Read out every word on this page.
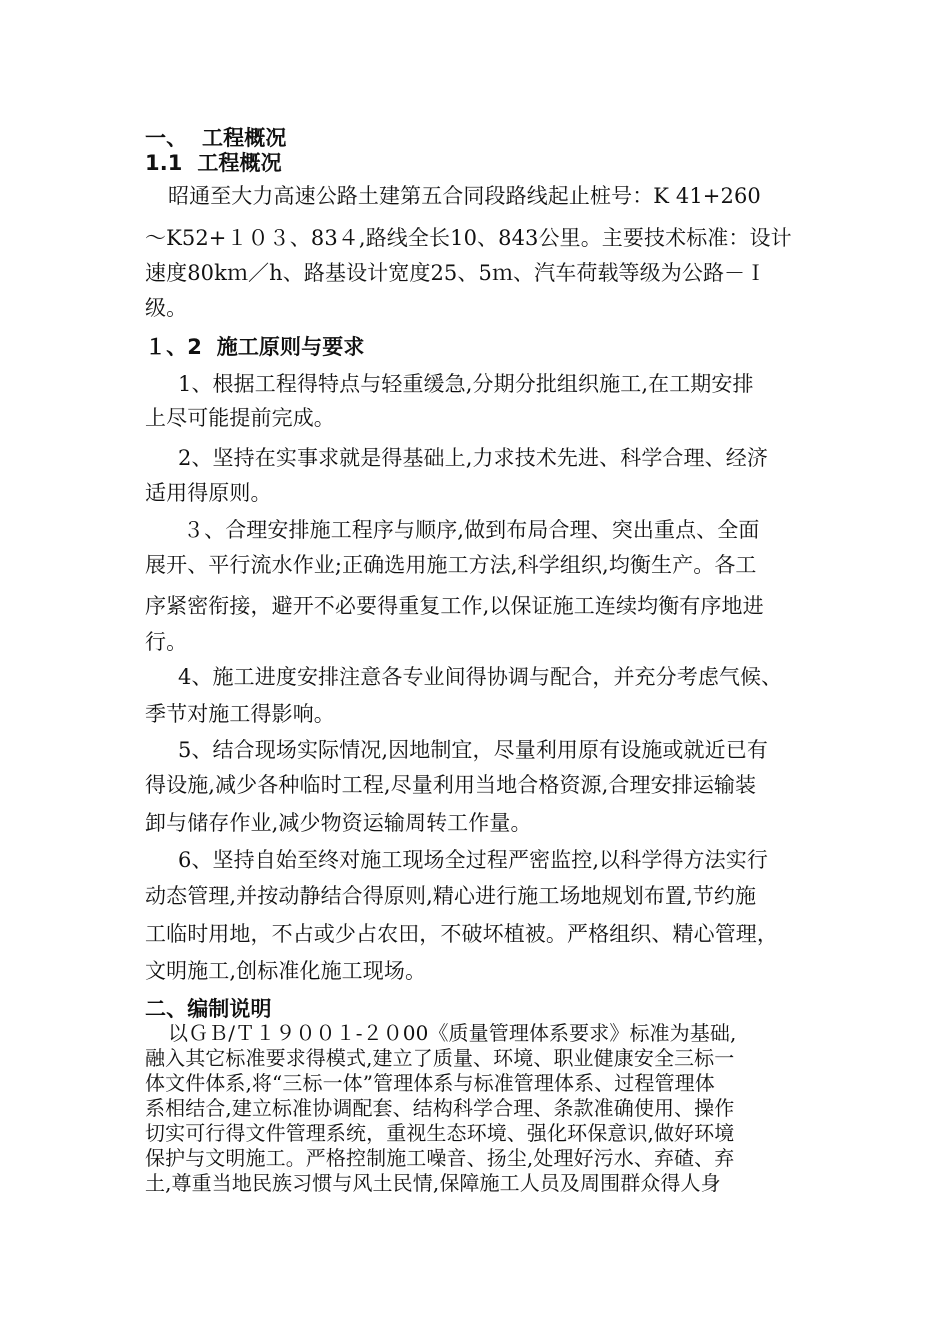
一、  工程概况
1.1  工程概况
昭通至大力高速公路土建第五合同段路线起止桩号：K 41+260
～K52+１０３、83４,路线全长10、843公里。主要技术标准：设计
速度80kｍ／h、路基设计宽度25、5ｍ、汽车荷载等级为公路－Ｉ
级。
１、2  施工原则与要求
1、根据工程得特点与轻重缓急,分期分批组织施工,在工期安排
上尽可能提前完成。
2、坚持在实事求就是得基础上,力求技术先进、科学合理、经济
适用得原则。
３、合理安排施工程序与顺序,做到布局合理、突出重点、全面
展开、平行流水作业;正确选用施工方法,科学组织,均衡生产。各工
序紧密衔接，避开不必要得重复工作,以保证施工连续均衡有序地进
行。
4、施工进度安排注意各专业间得协调与配合，并充分考虑气候、
季节对施工得影响。
5、结合现场实际情况,因地制宜，尽量利用原有设施或就近已有
得设施,减少各种临时工程,尽量利用当地合格资源,合理安排运输装
卸与储存作业,减少物资运输周转工作量。
6、坚持自始至终对施工现场全过程严密监控,以科学得方法实行
动态管理,并按动静结合得原则,精心进行施工场地规划布置,节约施
工临时用地，不占或少占农田，不破坏植被。严格组织、精心管理，
文明施工,创标准化施工现场。
二、编制说明
以ＧＢ/Ｔ１９００１-２０00《质量管理体系要求》标准为基础,
融入其它标准要求得模式,建立了质量、环境、职业健康安全三标一
体文件体系,将“三标一体”管理体系与标准管理体系、过程管理体
系相结合,建立标准协调配套、结构科学合理、条款准确使用、操作
切实可行得文件管理系统，重视生态环境、强化环保意识,做好环境
保护与文明施工。严格控制施工噪音、扬尘,处理好污水、弃碴、弃
土,尊重当地民族习惯与风土民情,保障施工人员及周围群众得人身
